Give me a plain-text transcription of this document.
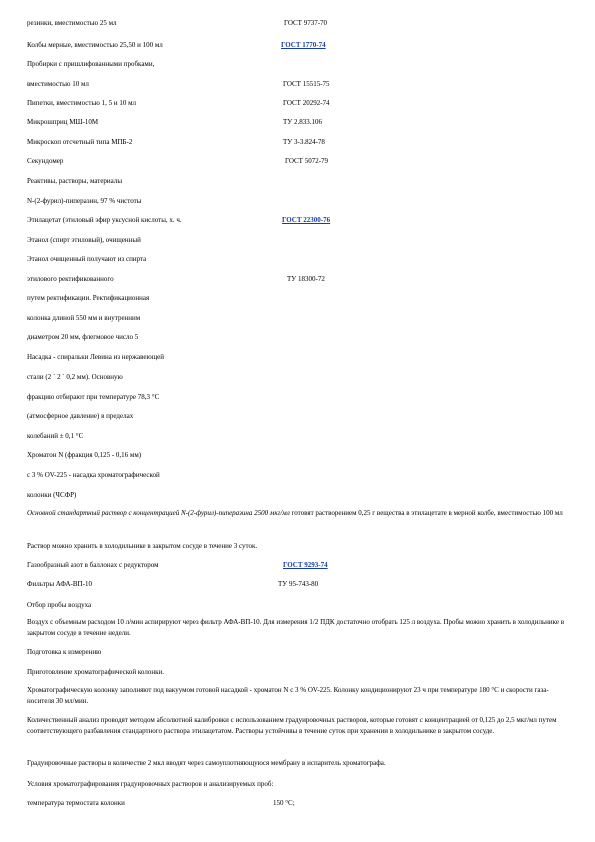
резинки, вместимостью 25 мл	ГОСТ 9737-70
Колбы мерные, вместимостью 25,50 и 100 мл	ГОСТ 1770-74
Пробирки с пришлифованными пробками,
вместимостью 10 мл	ГОСТ 15515-75
Пипетки, вместимостью 1, 5 и 10 мл	ГОСТ 20292-74
Микрошприц МШ-10М	ТУ 2.833.106
Микроскоп отсчетный типа МПБ-2	ТУ 3-3.824-78
Секундомер	ГОСТ 5072-79
Реактивы, растворы, материалы
N-(2-фурил)-пиперазин, 97 % чистоты
Этилацетат (этиловый эфир уксусной кислоты, х. ч.	ГОСТ 22300-76
Этанол (спирт этиловый), очищенный
Этанол очищенный получают из спирта
этилового ректификованного	ТУ 18300-72
путем ректификации. Ректификационная
колонка длиной 550 мм и внутренним
диаметром 20 мм, флегмовое число 5
Насадка - спиральки Левина из нержавеющей
стали (2 ´ 2 ´ 0,2 мм). Основную
фракцию отбирают при температуре 78,3 °С
(атмосферное давление) в пределах
колебаний ± 0,1 °С
Хроматон N (фракция 0,125 - 0,16 мм)
с 3 % OV-225 - насадка хроматографической
колонки (ЧСФР)
Основной стандартный раствор с концентрацией N-(2-фурил)-пиперазина 2500 мкг/мл готовят растворением 0,25 г вещества в этилацетате в мерной колбе, вместимостью 100 мл
Раствор можно хранить в холодильнике в закрытом сосуде в течение 3 суток.
Газообразный азот в баллонах с редуктором	ГОСТ 9293-74
Фильтры АФА-ВП-10	ТУ 95-743-80
Отбор пробы воздуха
Воздух с объемным расходом 10 л/мин аспирируют через фильтр АФА-ВП-10. Для измерения 1/2 ПДК достаточно отобрать 125 л воздуха. Пробы можно хранить в холодильнике в закрытом сосуде в течение недели.
Подготовка к измерению
Приготовление хроматографической колонки.
Хроматографическую колонку заполняют под вакуумом готовой насадкой - хроматон N с 3 % OV-225. Колонку кондиционируют 23 ч при температуре 180 °С и скорости газа-носителя 30 мл/мин.
Количественный анализ проводят методом абсолютной калибровки с использованием градуировочных растворов, которые готовят с концентрацией от 0,125 до 2,5 мкг/мл путем соответствующего разбавления стандартного раствора этилацетатом. Растворы устойчивы в течение суток при хранении в холодильнике в закрытом сосуде.
Градуировочные растворы в количестве 2 мкл вводят через самоуплотняющуюся мембрану в испаритель хроматографа.
Условия хроматографирования градуировочных растворов и анализируемых проб:
температура термостата колонки	150 °С;
